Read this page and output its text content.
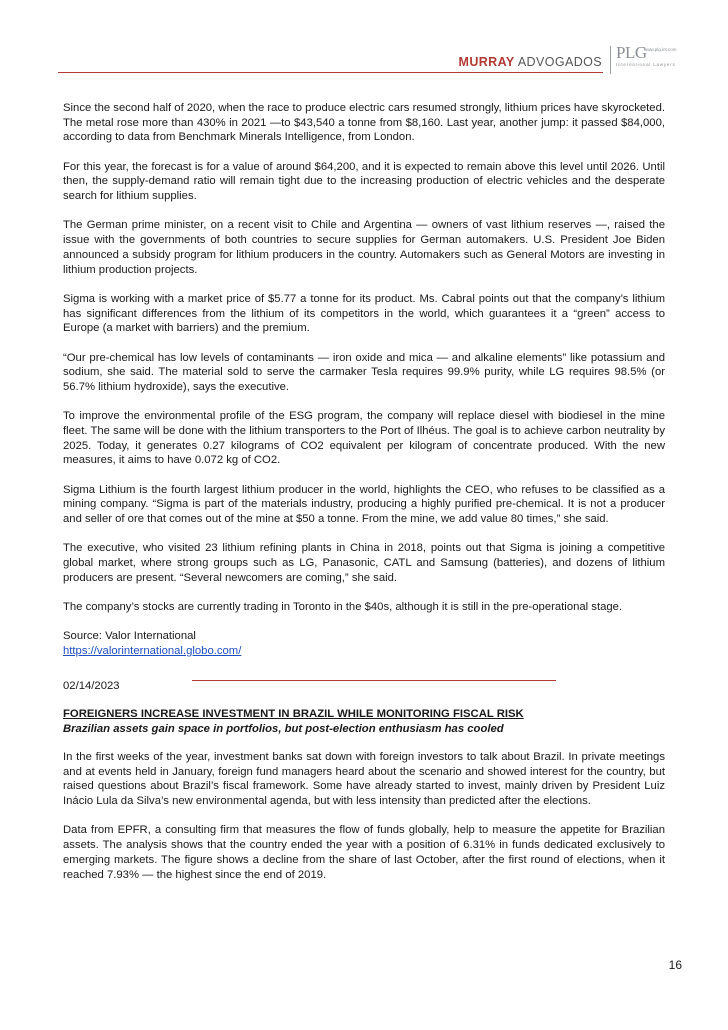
MURRAY ADVOGADOS PLG
www.plg.int.com
International Lawyers

Since the second half of 2020, when the race to produce electric cars resumed strongly, lithium prices have skyrocketed. The metal rose more than 430% in 2021 —to $43,540 a tonne from $8,160. Last year, another jump: it passed $84,000, according to data from Benchmark Minerals Intelligence, from London.

For this year, the forecast is for a value of around $64,200, and it is expected to remain above this level until 2026. Until then, the supply-demand ratio will remain tight due to the increasing production of electric vehicles and the desperate search for lithium supplies.

The German prime minister, on a recent visit to Chile and Argentina — owners of vast lithium reserves —, raised the issue with the governments of both countries to secure supplies for German automakers. U.S. President Joe Biden announced a subsidy program for lithium producers in the country. Automakers such as General Motors are investing in lithium production projects.

Sigma is working with a market price of $5.77 a tonne for its product. Ms. Cabral points out that the company’s lithium has significant differences from the lithium of its competitors in the world, which guarantees it a “green” access to Europe (a market with barriers) and the premium.

“Our pre-chemical has low levels of contaminants — iron oxide and mica — and alkaline elements” like potassium and sodium, she said. The material sold to serve the carmaker Tesla requires 99.9% purity, while LG requires 98.5% (or 56.7% lithium hydroxide), says the executive.

To improve the environmental profile of the ESG program, the company will replace diesel with biodiesel in the mine fleet. The same will be done with the lithium transporters to the Port of Ilhéus. The goal is to achieve carbon neutrality by 2025. Today, it generates 0.27 kilograms of CO2 equivalent per kilogram of concentrate produced. With the new measures, it aims to have 0.072 kg of CO2.

Sigma Lithium is the fourth largest lithium producer in the world, highlights the CEO, who refuses to be classified as a mining company. “Sigma is part of the materials industry, producing a highly purified pre-chemical. It is not a producer and seller of ore that comes out of the mine at $50 a tonne. From the mine, we add value 80 times,” she said.

The executive, who visited 23 lithium refining plants in China in 2018, points out that Sigma is joining a competitive global market, where strong groups such as LG, Panasonic, CATL and Samsung (batteries), and dozens of lithium producers are present. “Several newcomers are coming,” she said.

The company’s stocks are currently trading in Toronto in the $40s, although it is still in the pre-operational stage.

Source: Valor International
https://valorinternational.globo.com/
02/14/2023
FOREIGNERS INCREASE INVESTMENT IN BRAZIL WHILE MONITORING FISCAL RISK
Brazilian assets gain space in portfolios, but post-election enthusiasm has cooled

In the first weeks of the year, investment banks sat down with foreign investors to talk about Brazil. In private meetings and at events held in January, foreign fund managers heard about the scenario and showed interest for the country, but raised questions about Brazil’s fiscal framework. Some have already started to invest, mainly driven by President Luiz Inácio Lula da Silva’s new environmental agenda, but with less intensity than predicted after the elections.

Data from EPFR, a consulting firm that measures the flow of funds globally, help to measure the appetite for Brazilian assets. The analysis shows that the country ended the year with a position of 6.31% in funds dedicated exclusively to emerging markets. The figure shows a decline from the share of last October, after the first round of elections, when it reached 7.93% — the highest since the end of 2019.

16
